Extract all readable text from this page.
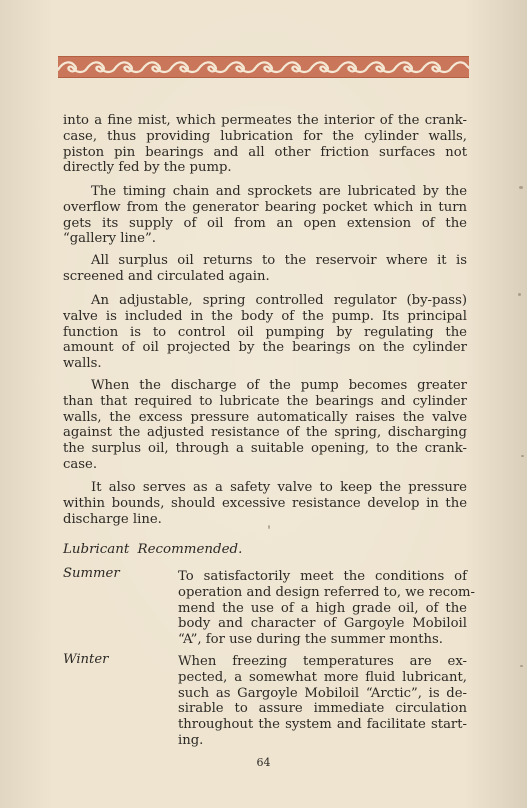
into a fine mist, which permeates the interior of the crank-
case, thus providing lubrication for the cylinder walls,
piston pin bearings and all other friction surfaces not
directly fed by the pump.
The timing chain and sprockets are lubricated by the
overflow from the generator bearing pocket which in turn
gets its supply of oil from an open extension of the
“gallery line”.
All surplus oil returns to the reservoir where it is
screened and circulated again.
An adjustable, spring controlled regulator (by-pass)
valve is included in the body of the pump. Its principal
function is to control oil pumping by regulating the
amount of oil projected by the bearings on the cylinder
walls.
When the discharge of the pump becomes greater
than that required to lubricate the bearings and cylinder
walls, the excess pressure automatically raises the valve
against the adjusted resistance of the spring, discharging
the surplus oil, through a suitable opening, to the crank-
case.
It also serves as a safety valve to keep the pressure
within bounds, should excessive resistance develop in the
discharge line.
Lubricant Recommended.
Summer	To satisfactorily meet the conditions of
operation and design referred to, we recom-
mend the use of a high grade oil, of the
body and character of Gargoyle Mobiloil
“A”, for use during the summer months.
Winter	When freezing temperatures are ex-
pected, a somewhat more fluid lubricant,
such as Gargoyle Mobiloil “Arctic”, is de-
sirable to assure immediate circulation
throughout the system and facilitate start-
ing.
64
